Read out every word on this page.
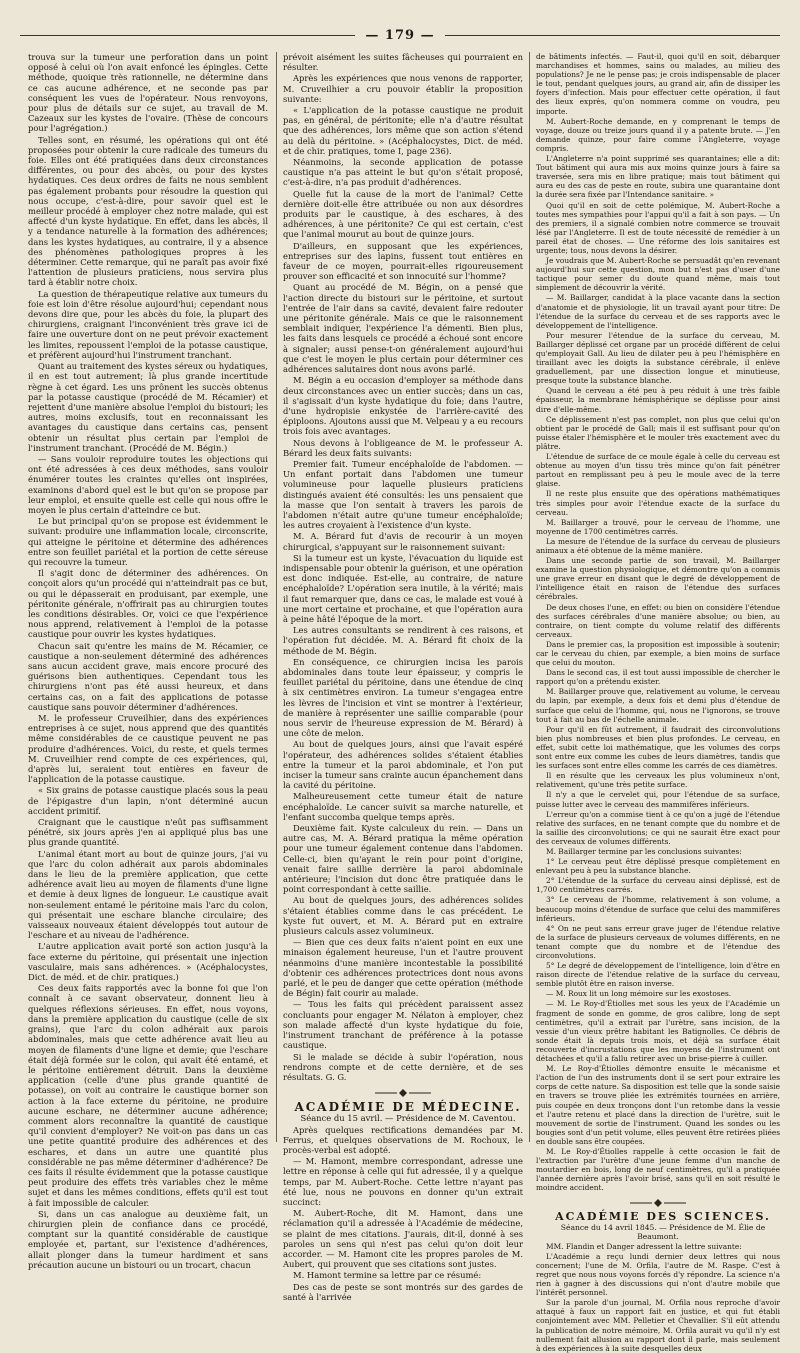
— 179 —

trouva sur la tumeur une perforation dans un point opposé à celui où l'on avait enfoncé les épingles. Cette méthode, quoique très rationnelle, ne détermine dans ce cas aucune adhérence, et ne seconde pas par conséquent les vues de l'opérateur. Nous renvoyons, pour plus de détails sur ce sujet, au travail de M. Cazeaux sur les kystes de l'ovaire. (Thèse de concours pour l'agrégation.)

Telles sont, en résumé, les opérations qui ont été proposées pour obtenir la cure radicale des tumeurs du foie. Elles ont été pratiquées dans deux circonstances différentes, ou pour des abcès, ou pour des kystes hydatiques. Ces deux ordres de faits ne nous semblent pas également probants pour résoudre la question qui nous occupe, c'est-à-dire, pour savoir quel est le meilleur procédé à employer chez notre malade, qui est affecté d'un kyste hydatique. En effet, dans les abcès, il y a tendance naturelle à la formation des adhérences; dans les kystes hydatiques, au contraire, il y a absence des phénomènes pathologiques propres à les déterminer. Cette remarque, qui ne paraît pas avoir fixé l'attention de plusieurs praticiens, nous servira plus tard à établir notre choix.

La question de thérapeutique relative aux tumeurs du foie est loin d'être résolue aujourd'hui; cependant nous devons dire que, pour les abcès du foie, la plupart des chirurgiens, craignant l'inconvénient très grave ici de faire une ouverture dont on ne peut prévoir exactement les limites, repoussent l'emploi de la potasse caustique, et préfèrent aujourd'hui l'instrument tranchant.

Quant au traitement des kystes séreux ou hydatiques, il en est tout autrement; là plus grande incertitude règne à cet égard. Les uns prônent les succès obtenus par la potasse caustique (procédé de M. Récamier) et rejettent d'une manière absolue l'emploi du bistouri; les autres, moins exclusifs, tout en reconnaissant les avantages du caustique dans certains cas, pensent obtenir un résultat plus certain par l'emploi de l'instrument tranchant. (Procédé de M. Bégin.)

— Sans vouloir reproduire toutes les objections qui ont été adressées à ces deux méthodes, sans vouloir énumérer toutes les craintes qu'elles ont inspirées, examinons d'abord quel est le but qu'on se propose par leur emploi, et ensuite quelle est celle qui nous offre le moyen le plus certain d'atteindre ce but.

Le but principal qu'on se propose est évidemment le suivant: produire une inflammation locale, circonscrite, qui atteigne le péritoine et détermine des adhérences entre son feuillet pariétal et la portion de cette séreuse qui recouvre la tumeur.

Il s'agit donc de déterminer des adhérences. On conçoit alors qu'un procédé qui n'atteindrait pas ce but, ou qui le dépasserait en produisant, par exemple, une péritonite générale, n'offrirait pas au chirurgien toutes les conditions désirables. Or, voici ce que l'expérience nous apprend, relativement à l'emploi de la potasse caustique pour ouvrir les kystes hydatiques.

Chacun sait qu'entre les mains de M. Récamier, ce caustique a non-seulement déterminé des adhérences sans aucun accident grave, mais encore procuré des guérisons bien authentiques. Cependant tous les chirurgiens n'ont pas été aussi heureux, et dans certains cas, on a fait des applications de potasse caustique sans pouvoir déterminer d'adhérences.

M. le professeur Cruveilhier, dans des expériences entreprises à ce sujet, nous apprend que des quantités même considérables de ce caustique peuvent ne pas produire d'adhérences. Voici, du reste, et quels termes M. Cruveilhier rend compte de ces expériences, qui, d'après lui, seraient tout entières en faveur de l'application de la potasse caustique.

« Six grains de potasse caustique placés sous la peau de l'épigastre d'un lapin, n'ont déterminé aucun accident primitif.

Craignant que le caustique n'eût pas suffisamment pénétré, six jours après j'en ai appliqué plus bas une plus grande quantité.

L'animal étant mort au bout de quinze jours, j'ai vu que l'arc du colon adhérait aux parois abdominales dans le lieu de la première application, que cette adhérence avait lieu au moyen de filaments d'une ligne et demie à deux lignes de longueur. Le caustique avait non-seulement entamé le péritoine mais l'arc du colon, qui présentait une eschare blanche circulaire; des vaisseaux nouveaux étaient développés tout autour de l'eschare et au niveau de l'adhérence.

L'autre application avait porté son action jusqu'à la face externe du péritoine, qui présentait une injection vasculaire, mais sans adhérences. » (Acéphalocystes, Dict. de méd. et de chir. pratiques.)

Ces deux faits rapportés avec la bonne foi que l'on connaît à ce savant observateur, donnent lieu à quelques réflexions sérieuses. En effet, nous voyons, dans la première application du caustique (celle de six grains), que l'arc du colon adhérait aux parois abdominales, mais que cette adhérence avait lieu au moyen de filaments d'une ligne et demie; que l'eschare était déjà formée sur le colon, qui avait été entamé, et le péritoine entièrement détruit. Dans la deuxième application (celle d'une plus grande quantité de potasse), on voit au contraire le caustique borner son action à la face externe du péritoine, ne produire aucune eschare, ne déterminer aucune adhérence; comment alors reconnaître la quantité de caustique qu'il convient d'employer? Ne voit-on pas dans un cas une petite quantité produire des adhérences et des eschares, et dans un autre une quantité plus considérable ne pas même déterminer d'adhérence? De ces faits il résulte évidemment que la potasse caustique peut produire des effets très variables chez le même sujet et dans les mêmes conditions, effets qu'il est tout à fait impossible de calculer.

Si, dans un cas analogue au deuxième fait, un chirurgien plein de confiance dans ce procédé, comptant sur la quantité considérable de caustique employée et, partant, sur l'existence d'adhérences, allait plonger dans la tumeur hardiment et sans précaution aucune un bistouri ou un trocart, chacun

prévoit aisément les suites fâcheuses qui pourraient en résulter.

Après les expériences que nous venons de rapporter, M. Cruveilhier a cru pouvoir établir la proposition suivante:

« L'application de la potasse caustique ne produit pas, en général, de péritonite; elle n'a d'autre résultat que des adhérences, lors même que son action s'étend au delà du péritoine. » (Acéphalocystes, Dict. de méd. et de chir. pratiques, tome I, page 236).

Néanmoins, la seconde application de potasse caustique n'a pas atteint le but qu'on s'était proposé, c'est-à-dire, n'a pas produit d'adhérences.

Quelle fut la cause de la mort de l'animal? Cette dernière doit-elle être attribuée ou non aux désordres produits par le caustique, à des eschares, à des adhérences, à une péritonite? Ce qui est certain, c'est que l'animal mourut au bout de quinze jours.

D'ailleurs, en supposant que les expériences, entreprises sur des lapins, fussent tout entières en faveur de ce moyen, pourrait-elles rigoureusement prouver son efficacité et son innocuité sur l'homme?

Quant au procédé de M. Bégin, on a pensé que l'action directe du bistouri sur le péritoine, et surtout l'entrée de l'air dans sa cavité, devaient faire redouter une péritonite générale. Mais ce que le raisonnement semblait indiquer, l'expérience l'a démenti. Bien plus, les faits dans lesquels ce procédé a échoué sont encore à signaler; aussi pense-t-on généralement aujourd'hui que c'est le moyen le plus certain pour déterminer ces adhérences salutaires dont nous avons parlé.

M. Bégin a eu occasion d'employer sa méthode dans deux circonstances avec un entier succès; dans un cas, il s'agissait d'un kyste hydatique du foie; dans l'autre, d'une hydropisie enkystée de l'arrière-cavité des épiploons. Ajoutons aussi que M. Velpeau y a eu recours trois fois avec avantages.

Nous devons à l'obligeance de M. le professeur A. Bérard les deux faits suivants:

Premier fait. Tumeur encéphaloïde de l'abdomen. — Un enfant portait dans l'abdomen une tumeur volumineuse pour laquelle plusieurs praticiens distingués avaient été consultés: les uns pensaient que la masse que l'on sentait à travers les parois de l'abdomen n'était autre qu'une tumeur encéphaloïde; les autres croyaient à l'existence d'un kyste.

M. A. Bérard fut d'avis de recourir à un moyen chirurgical, s'appuyant sur le raisonnement suivant:

Si la tumeur est un kyste, l'évacuation du liquide est indispensable pour obtenir la guérison, et une opération est donc indiquée. Est-elle, au contraire, de nature encéphaloïde? L'opération sera inutile, à la vérité; mais il faut remarquer que, dans ce cas, le malade est voué à une mort certaine et prochaine, et que l'opération aura à peine hâté l'époque de la mort.

Les autres consultants se rendirent à ces raisons, et l'opération fut décidée. M. A. Bérard fit choix de la méthode de M. Bégin.

En conséquence, ce chirurgien incisa les parois abdominales dans toute leur épaisseur, y compris le feuillet pariétal du péritoine, dans une étendue de cinq à six centimètres environ. La tumeur s'engagea entre les lèvres de l'incision et vint se montrer à l'extérieur, de manière à représenter une saillie comparable (pour nous servir de l'heureuse expression de M. Bérard) à une côte de melon.

Au bout de quelques jours, ainsi que l'avait espéré l'opérateur, des adhérences solides s'étaient établies entre la tumeur et la paroi abdominale, et l'on put inciser la tumeur sans crainte aucun épanchement dans la cavité du péritoine.

Malheureusement cette tumeur était de nature encéphaloïde. Le cancer suivit sa marche naturelle, et l'enfant succomba quelque temps après.

Deuxième fait. Kyste calculeux du rein. — Dans un autre cas, M. A. Bérard pratiqua la même opération pour une tumeur également contenue dans l'abdomen. Celle-ci, bien qu'ayant le rein pour point d'origine, venait faire saillie derrière la paroi abdominale antérieure; l'incision dut donc être pratiquée dans le point correspondant à cette saillie.

Au bout de quelques jours, des adhérences solides s'étaient établies comme dans le cas précédent. Le kyste fut ouvert, et M. A. Bérard put en extraire plusieurs calculs assez volumineux.

— Bien que ces deux faits n'aient point en eux une minaison également heureuse, l'un et l'autre prouvent néanmoins d'une manière incontestable la possibilité d'obtenir ces adhérences protectrices dont nous avons parlé, et le peu de danger que cette opération (méthode de Bégin) fait courir au malade.

— Tous les faits qui précèdent paraissent assez concluants pour engager M. Nélaton à employer, chez son malade affecté d'un kyste hydatique du foie, l'instrument tranchant de préférence à la potasse caustique.

Si le malade se décide à subir l'opération, nous rendrons compte et de cette dernière, et de ses résultats. G. G.

ACADÉMIE DE MÉDECINE.

Séance du 15 avril. — Présidence de M. Caventou.

Après quelques rectifications demandées par M. Ferrus, et quelques observations de M. Rochoux, le procès-verbal est adopté.

— M. Hamont, membre correspondant, adresse une lettre en réponse à celle qui fut adressée, il y a quelque temps, par M. Aubert-Roche. Cette lettre n'ayant pas été lue, nous ne pouvons en donner qu'un extrait succinct:

M. Aubert-Roche, dit M. Hamont, dans une réclamation qu'il a adressée à l'Académie de médecine, se plaint de mes citations. J'aurais, dit-il, donné à ses paroles un sens qui n'est pas celui qu'on doit leur accorder. — M. Hamont cite les propres paroles de M. Aubert, qui prouvent que ses citations sont justes.

M. Hamont termine sa lettre par ce résumé:

Des cas de peste se sont montrés sur des gardes de santé à l'arrivée

de bâtiments infectés. — Faut-il, quoi qu'il en soit, débarquer marchandises et hommes, sains ou malades, au milieu des populations? Je ne le pense pas; je crois indispensable de placer le tout, pendant quelques jours, au grand air, afin de dissiper les foyers d'infection. Mais pour effectuer cette opération, il faut des lieux exprès, qu'on nommera comme on voudra, peu importe.

M. Aubert-Roche demande, en y comprenant le temps de voyage, douze ou treize jours quand il y a patente brute. — J'en demande quinze, pour faire comme l'Angleterre, voyage compris.

L'Angleterre n'a point supprimé ses quarantaines; elle a dit: Tout bâtiment qui aura mis aux moins quinze jours à faire sa traversée, sera mis en libre pratique; mais tout bâtiment qui aura eu des cas de peste en route, subira une quarantaine dont la durée sera fixée par l'Intendance sanitaire. »

Quoi qu'il en soit de cette polémique, M. Aubert-Roche a toutes mes sympathies pour l'appui qu'il a fait à son pays. — Un des premiers, il a signalé combien notre commerce se trouvait lésé par l'Angleterre. Il est de toute nécessité de remédier à un pareil état de choses. — Une réforme des lois sanitaires est urgente; tous, nous devons la désirer.

Je voudrais que M. Aubert-Roche se persuadât qu'en revenant aujourd'hui sur cette question, mon but n'est pas d'user d'une tactique pour semer du doute quand même, mais tout simplement de découvrir la vérité.

— M. Baillarger, candidat à la place vacante dans la section d'anatomie et de physiologie, lit un travail ayant pour titre: De l'étendue de la surface du cerveau et de ses rapports avec le développement de l'intelligence.

Pour mesurer l'étendue de la surface du cerveau, M. Baillarger déplissé cet organe par un procédé différent de celui qu'employait Gall. Au lieu de dilater peu à peu l'hémisphère en tiraillant avec les doigts la substance cérébrale, il enlève graduellement, par une dissection longue et minutieuse, presque toute la substance blanche.

Quand le cerveau a été peu à peu réduit à une très faible épaisseur, la membrane hémisphérique se déplisse pour ainsi dire d'elle-même.

Ce déplissement n'est pas complet, non plus que celui qu'on obtient par le procédé de Gall; mais il est suffisant pour qu'on puisse étaler l'hémisphère et le mouler très exactement avec du plâtre.

L'étendue de surface de ce moule égale à celle du cerveau est obtenue au moyen d'un tissu très mince qu'on fait pénétrer partout en remplissant peu à peu le moule avec de la terre glaise.

Il ne reste plus ensuite que des opérations mathématiques très simples pour avoir l'étendue exacte de la surface du cerveau.

M. Baillarger a trouvé, pour le cerveau de l'homme, une moyenne de 1700 centimètres carrés.

La mesure de l'étendue de la surface du cerveau de plusieurs animaux a été obtenue de la même manière.

Dans une seconde partie de son travail, M. Baillarger examine la question physiologique, et démontre qu'on a commis une grave erreur en disant que le degré de développement de l'intelligence était en raison de l'étendue des surfaces cérébrales.

De deux choses l'une, en effet: ou bien on considère l'étendue des surfaces cérébrales d'une manière absolue; ou bien, au contraire, on tient compte du volume relatif des différents cerveaux.

Dans le premier cas, la proposition est impossible à soutenir; car le cerveau du chien, par exemple, a bien moins de surface que celui du mouton.

Dans le second cas, il est tout aussi impossible de chercher le rapport qu'on a prétendu exister.

M. Baillarger prouve que, relativement au volume, le cerveau du lapin, par exemple, a deux fois et demi plus d'étendue de surface que celui de l'homme, qui, nous ne l'ignorons, se trouve tout à fait au bas de l'échelle animale.

Pour qu'il en fût autrement, il faudrait des circonvolutions bien plus nombreuses et bien plus profondes. Le cerveau, en effet, subit cette loi mathématique, que les volumes des corps sont entre eux comme les cubes de leurs diamètres, tandis que les surfaces sont entre elles comme les carrés de ces diamètres.

Il en résulte que les cerveaux les plus volumineux n'ont, relativement, qu'une très petite surface.

Il n'y a que le cervelet qui, pour l'étendue de sa surface, puisse lutter avec le cerveau des mammifères inférieurs.

L'erreur qu'on a commise tient à ce qu'on a jugé de l'étendue relative des surfaces, en ne tenant compte que du nombre et de la saillie des circonvolutions; ce qui ne saurait être exact pour des cerveaux de volumes différents.

M. Baillarger termine par les conclusions suivantes:

1° Le cerveau peut être déplissé presque complètement en enlevant peu à peu la substance blanche.

2° L'étendue de la surface du cerveau ainsi déplissé, est de 1,700 centimètres carrés.

3° Le cerveau de l'homme, relativement à son volume, a beaucoup moins d'étendue de surface que celui des mammifères inférieurs.

4° On ne peut sans erreur grave juger de l'étendue relative de la surface de plusieurs cerveaux de volumes différents, en ne tenant compte que du nombre et de l'étendue des circonvolutions.

5° Le degré de développement de l'intelligence, loin d'être en raison directe de l'étendue relative de la surface du cerveau, semble plutôt être en raison inverse.

— M. Roux lit un long mémoire sur les exostoses.

— M. Le Roy-d'Étiolles met sous les yeux de l'Académie un fragment de sonde en gomme, de gros calibre, long de sept centimètres, qu'il a extrait par l'urètre, sans incision, de la vessie d'un vieux prêtre habitant les Batignolles. Ce débris de sonde était là depuis trois mois, et déjà sa surface était recouverte d'incrustations que les moyens de l'instrument ont détachées et qu'il a fallu retirer avec un brise-pierre à cuiller.

M. Le Roy-d'Étiolles démontre ensuite le mécanisme et l'action de l'un des instruments dont il se sert pour extraire les corps de cette nature. Sa disposition est telle que la sonde saisie en travers se trouve pliée les extrémités tournées en arrière, puis coupée en deux tronçons dont l'un retombe dans la vessie et l'autre retenu et placé dans la direction de l'urètre, suit le mouvement de sortie de l'instrument. Quand les sondes ou les bougies sont d'un petit volume, elles peuvent être retirées pliées en double sans être coupées.

M. Le Roy-d'Étiolles rappelle à cette occasion le fait de l'extraction par l'urètre d'une jeune femme d'un manche de moutardier en bois, long de neuf centimètres, qu'il a pratiquée l'année dernière après l'avoir brisé, sans qu'il en soit résulté le moindre accident.

ACADÉMIE DES SCIENCES.

Séance du 14 avril 1845. — Présidence de M. Élie de Beaumont.

MM. Flandin et Danger adressent la lettre suivante:

L'Académie a reçu lundi dernier deux lettres qui nous concernent; l'une de M. Orfila, l'autre de M. Raspe. C'est à regret que nous nous voyons forcés d'y répondre. La science n'a rien à gagner à des discussions qui n'ont d'autre mobile que l'intérêt personnel.

Sur la parole d'un journal, M. Orfila nous reproche d'avoir attaqué à faux un rapport fait en justice, et qui fut établi conjointement avec MM. Pelletier et Chevallier. S'il eût attendu la publication de notre mémoire, M. Orfila aurait vu qu'il n'y est nullement fait allusion au rapport dont il parle, mais seulement à des expériences à la suite desquelles deux
